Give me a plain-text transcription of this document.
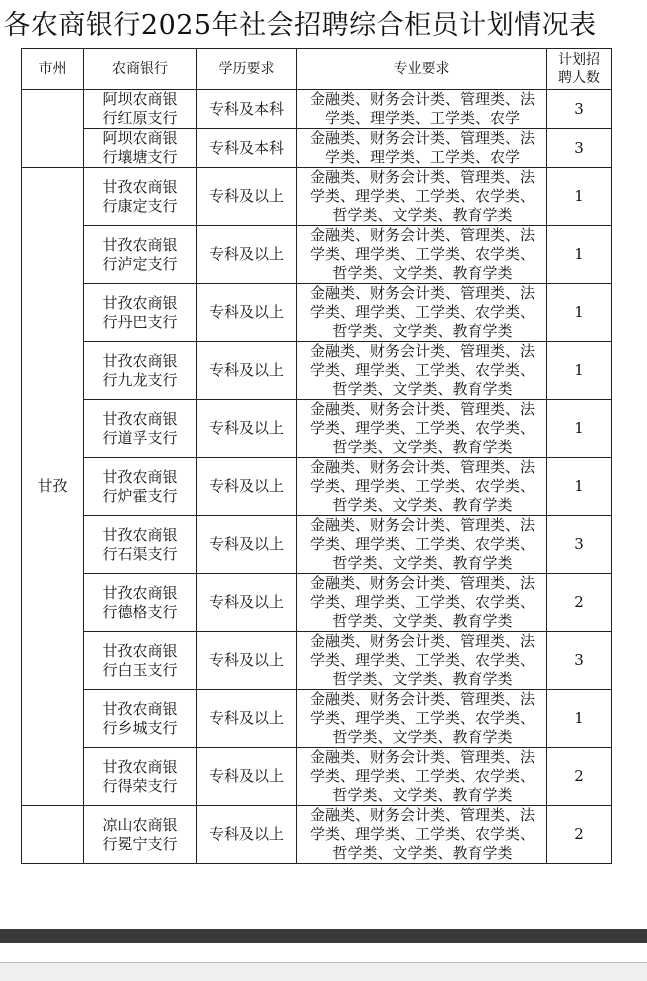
各农商银行2025年社会招聘综合柜员计划情况表
市州	农商银行	学历要求	专业要求	计划招聘人数
	阿坝农商银行红原支行	专科及本科	金融类、财务会计类、管理类、法学类、理学类、工学类、农学	3
	阿坝农商银行壤塘支行	专科及本科	金融类、财务会计类、管理类、法学类、理学类、工学类、农学	3
甘孜	甘孜农商银行康定支行	专科及以上	金融类、财务会计类、管理类、法学类、理学类、工学类、农学类、哲学类、文学类、教育学类	1
	甘孜农商银行泸定支行	专科及以上	金融类、财务会计类、管理类、法学类、理学类、工学类、农学类、哲学类、文学类、教育学类	1
	甘孜农商银行丹巴支行	专科及以上	金融类、财务会计类、管理类、法学类、理学类、工学类、农学类、哲学类、文学类、教育学类	1
	甘孜农商银行九龙支行	专科及以上	金融类、财务会计类、管理类、法学类、理学类、工学类、农学类、哲学类、文学类、教育学类	1
	甘孜农商银行道孚支行	专科及以上	金融类、财务会计类、管理类、法学类、理学类、工学类、农学类、哲学类、文学类、教育学类	1
	甘孜农商银行炉霍支行	专科及以上	金融类、财务会计类、管理类、法学类、理学类、工学类、农学类、哲学类、文学类、教育学类	1
	甘孜农商银行石渠支行	专科及以上	金融类、财务会计类、管理类、法学类、理学类、工学类、农学类、哲学类、文学类、教育学类	3
	甘孜农商银行德格支行	专科及以上	金融类、财务会计类、管理类、法学类、理学类、工学类、农学类、哲学类、文学类、教育学类	2
	甘孜农商银行白玉支行	专科及以上	金融类、财务会计类、管理类、法学类、理学类、工学类、农学类、哲学类、文学类、教育学类	3
	甘孜农商银行乡城支行	专科及以上	金融类、财务会计类、管理类、法学类、理学类、工学类、农学类、哲学类、文学类、教育学类	1
	甘孜农商银行得荣支行	专科及以上	金融类、财务会计类、管理类、法学类、理学类、工学类、农学类、哲学类、文学类、教育学类	2
	凉山农商银行冕宁支行	专科及以上	金融类、财务会计类、管理类、法学类、理学类、工学类、农学类、哲学类、文学类、教育学类	2
